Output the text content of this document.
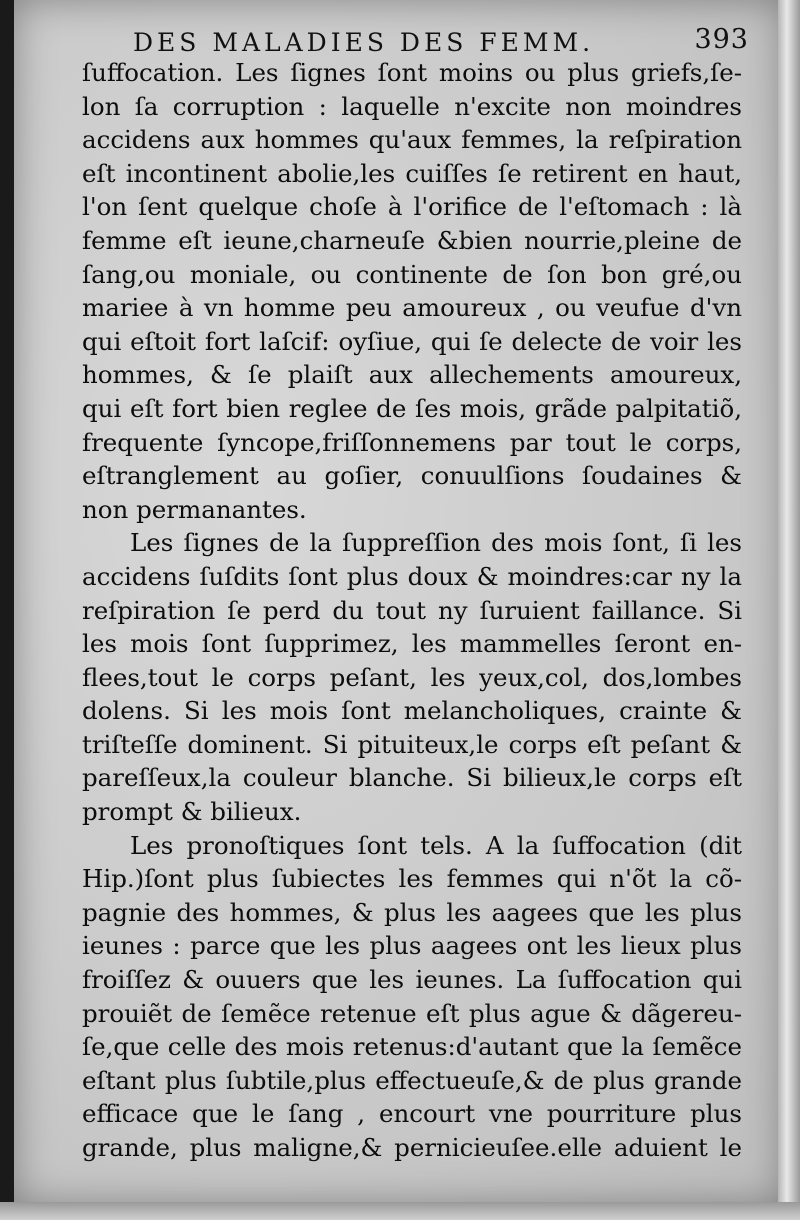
DES MALADIES DES FEMM.	393
ſuffocation. Les ſignes ſont moins ou plus griefs,ſe-
lon ſa corruption : laquelle n'excite non moindres
accidens aux hommes qu'aux femmes, la reſpiration
eſt incontinent abolie,les cuiſſes ſe retirent en haut,
l'on ſent quelque choſe à l'orifice de l'eſtomach : là
femme eſt ieune,charneuſe &bien nourrie,pleine de
ſang,ou moniale, ou continente de ſon bon gré,ou
mariee à vn homme peu amoureux , ou veufue d'vn
qui eſtoit fort laſcif: oyſiue, qui ſe delecte de voir les
hommes, & ſe plaiſt aux allechements amoureux,
qui eſt fort bien reglee de ſes mois, grãde palpitatiõ,
frequente ſyncope,friſſonnemens par tout le corps,
eſtranglement au goſier, conuulſions ſoudaines &
non permanantes.
Les ſignes de la ſuppreſſion des mois ſont, ſi les
accidens ſuſdits ſont plus doux & moindres:car ny la
reſpiration ſe perd du tout ny ſuruient faillance. Si
les mois ſont ſupprimez, les mammelles ſeront en-
flees,tout le corps peſant, les yeux,col, dos,lombes
dolens. Si les mois ſont melancholiques, crainte &
triſteſſe dominent. Si pituiteux,le corps eſt peſant &
pareſſeux,la couleur blanche. Si bilieux,le corps eſt
prompt & bilieux.
Les pronoſtiques ſont tels. A la ſuffocation (dit
Hip.)ſont plus ſubiectes les femmes qui n'õt la cõ-
pagnie des hommes, & plus les aagees que les plus
ieunes : parce que les plus aagees ont les lieux plus
froiſſez & ouuers que les ieunes. La ſuffocation qui
prouiẽt de ſemẽce retenue eſt plus ague & dãgereu-
ſe,que celle des mois retenus:d'autant que la ſemẽce
eſtant plus ſubtile,plus effectueuſe,& de plus grande
efficace que le ſang , encourt vne pourriture plus
grande, plus maligne,& pernicieuſee.elle aduient le
